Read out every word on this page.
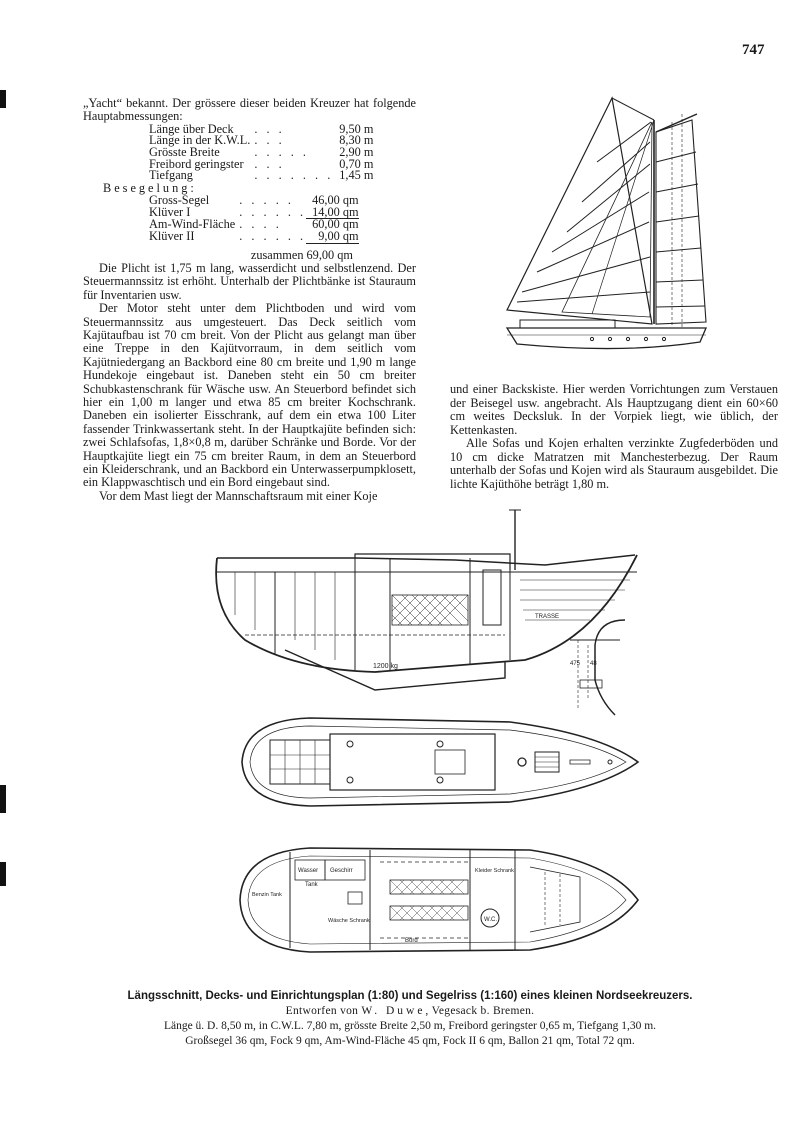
747

„Yacht“ bekannt. Der grössere dieser beiden Kreuzer hat folgende Hauptabmessungen:

Länge über Deck	. . .	9,50 m
Länge in der K.W.L.	. . .	8,30 m
Grösste Breite	. . . . .	2,90 m
Freibord geringster	. . .	0,70 m
Tiefgang	. . . . . . .	1,45 m
Besegelung:
Gross-Segel	. . . . .	46,00 qm
Klüver I	. . . . . .	14,00 qm
Am-Wind-Fläche	. . . .	60,00 qm
Klüver II	. . . . . .	9,00 qm
zusammen 69,00 qm

Die Plicht ist 1,75 m lang, wasserdicht und selbstlenzend. Der Steuermannssitz ist erhöht. Unterhalb der Plichtbänke ist Stauraum für Inventarien usw.

Der Motor steht unter dem Plichtboden und wird vom Steuermannssitz aus umgesteuert. Das Deck seitlich vom Kajütaufbau ist 70 cm breit. Von der Plicht aus gelangt man über eine Treppe in den Kajütvorraum, in dem seitlich vom Kajütniedergang an Backbord eine 80 cm breite und 1,90 m lange Hundekoje eingebaut ist. Daneben steht ein 50 cm breiter Schubkastenschrank für Wäsche usw. An Steuerbord befindet sich hier ein 1,00 m langer und etwa 85 cm breiter Kochschrank. Daneben ein isolierter Eisschrank, auf dem ein etwa 100 Liter fassender Trinkwassertank steht. In der Hauptkajüte befinden sich: zwei Schlafsofas, 1,8×0,8 m, darüber Schränke und Borde. Vor der Hauptkajüte liegt ein 75 cm breiter Raum, in dem an Steuerbord ein Kleiderschrank, und an Backbord ein Unterwasserpumpklosett, ein Klappwaschtisch und ein Bord eingebaut sind.

Vor dem Mast liegt der Mannschaftsraum mit einer Koje

und einer Backskiste. Hier werden Vorrichtungen zum Verstauen der Beisegel usw. angebracht. Als Hauptzugang dient ein 60×60 cm weites Decksluk. In der Vorpiek liegt, wie üblich, der Kettenkasten.

Alle Sofas und Kojen erhalten verzinkte Zugfederböden und 10 cm dicke Matratzen mit Manchesterbezug. Der Raum unterhalb der Sofas und Kojen wird als Stauraum ausgebildet. Die lichte Kajüthöhe beträgt 1,80 m.

1200 kg
TRASSE
48
475
Wasser Geschirr
Tank
Benzin Tank
Kleider Schrank
W.C.
Wäsche Schrank
Bord
Längsschnitt, Decks- und Einrichtungsplan (1:80) und Segelriss (1:160) eines kleinen Nordseekreuzers.
Entworfen von W. Duwe, Vegesack b. Bremen.
Länge ü. D. 8,50 m, in C.W.L. 7,80 m, grösste Breite 2,50 m, Freibord geringster 0,65 m, Tiefgang 1,30 m.
Großsegel 36 qm, Fock 9 qm, Am-Wind-Fläche 45 qm, Fock II 6 qm, Ballon 21 qm, Total 72 qm.
